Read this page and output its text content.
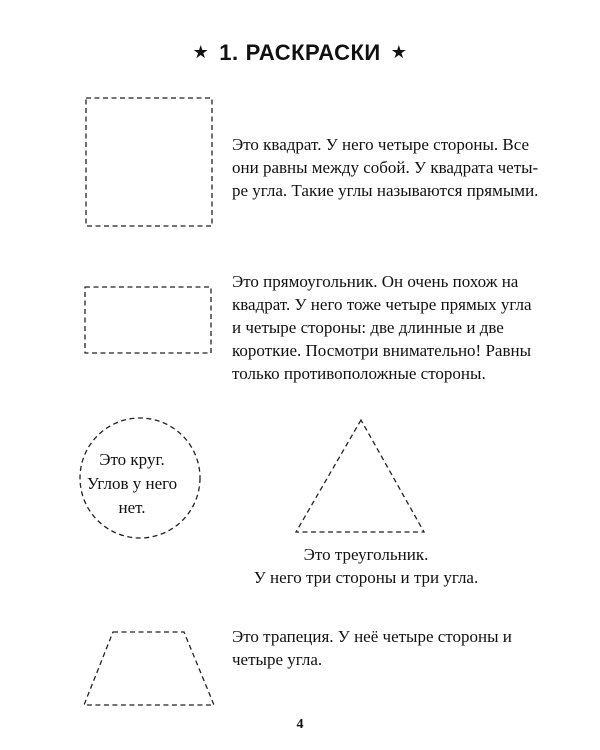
★ 1. РАСКРАСКИ ★
Это квадрат. У него четыре стороны. Все
они равны между собой. У квадрата четы-
ре угла. Такие углы называются прямыми.
Это прямоугольник. Он очень похож на
квадрат. У него тоже четыре прямых угла
и четыре стороны: две длинные и две
короткие. Посмотри внимательно! Равны
только противоположные стороны.
Это круг.
Углов у него
нет.
Это треугольник.
У него три стороны и три угла.
Это трапеция. У неё четыре стороны и
четыре угла.
4
